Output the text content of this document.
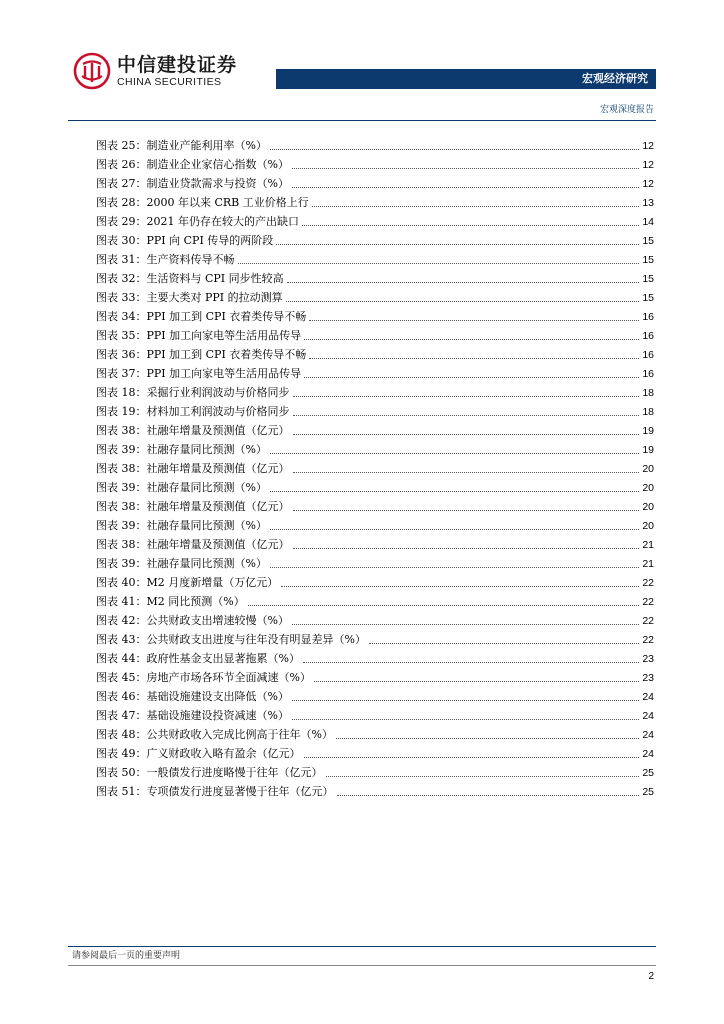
中信建投证券
CHINA SECURITIES	宏观经济研究
宏观深度报告
图表 25：制造业产能利用率（%）	12
图表 26：制造业企业家信心指数（%）	12
图表 27：制造业贷款需求与投资（%）	12
图表 28：2000 年以来 CRB 工业价格上行	13
图表 29：2021 年仍存在较大的产出缺口	14
图表 30：PPI 向 CPI 传导的两阶段	15
图表 31：生产资料传导不畅	15
图表 32：生活资料与 CPI 同步性较高	15
图表 33：主要大类对 PPI 的拉动测算	15
图表 34：PPI 加工到 CPI 衣着类传导不畅	16
图表 35：PPI 加工向家电等生活用品传导	16
图表 36：PPI 加工到 CPI 衣着类传导不畅	16
图表 37：PPI 加工向家电等生活用品传导	16
图表 18：采掘行业利润波动与价格同步	18
图表 19：材料加工利润波动与价格同步	18
图表 38：社融年增量及预测值（亿元）	19
图表 39：社融存量同比预测（%）	19
图表 38：社融年增量及预测值（亿元）	20
图表 39：社融存量同比预测（%）	20
图表 38：社融年增量及预测值（亿元）	20
图表 39：社融存量同比预测（%）	20
图表 38：社融年增量及预测值（亿元）	21
图表 39：社融存量同比预测（%）	21
图表 40：M2 月度新增量（万亿元）	22
图表 41：M2 同比预测（%）	22
图表 42：公共财政支出增速较慢（%）	22
图表 43：公共财政支出进度与往年没有明显差异（%）	22
图表 44：政府性基金支出显著拖累（%）	23
图表 45：房地产市场各环节全面减速（%）	23
图表 46：基础设施建设支出降低（%）	24
图表 47：基础设施建设投资减速（%）	24
图表 48：公共财政收入完成比例高于往年（%）	24
图表 49：广义财政收入略有盈余（亿元）	24
图表 50：一般债发行进度略慢于往年（亿元）	25
图表 51：专项债发行进度显著慢于往年（亿元）	25
请参阅最后一页的重要声明
2
